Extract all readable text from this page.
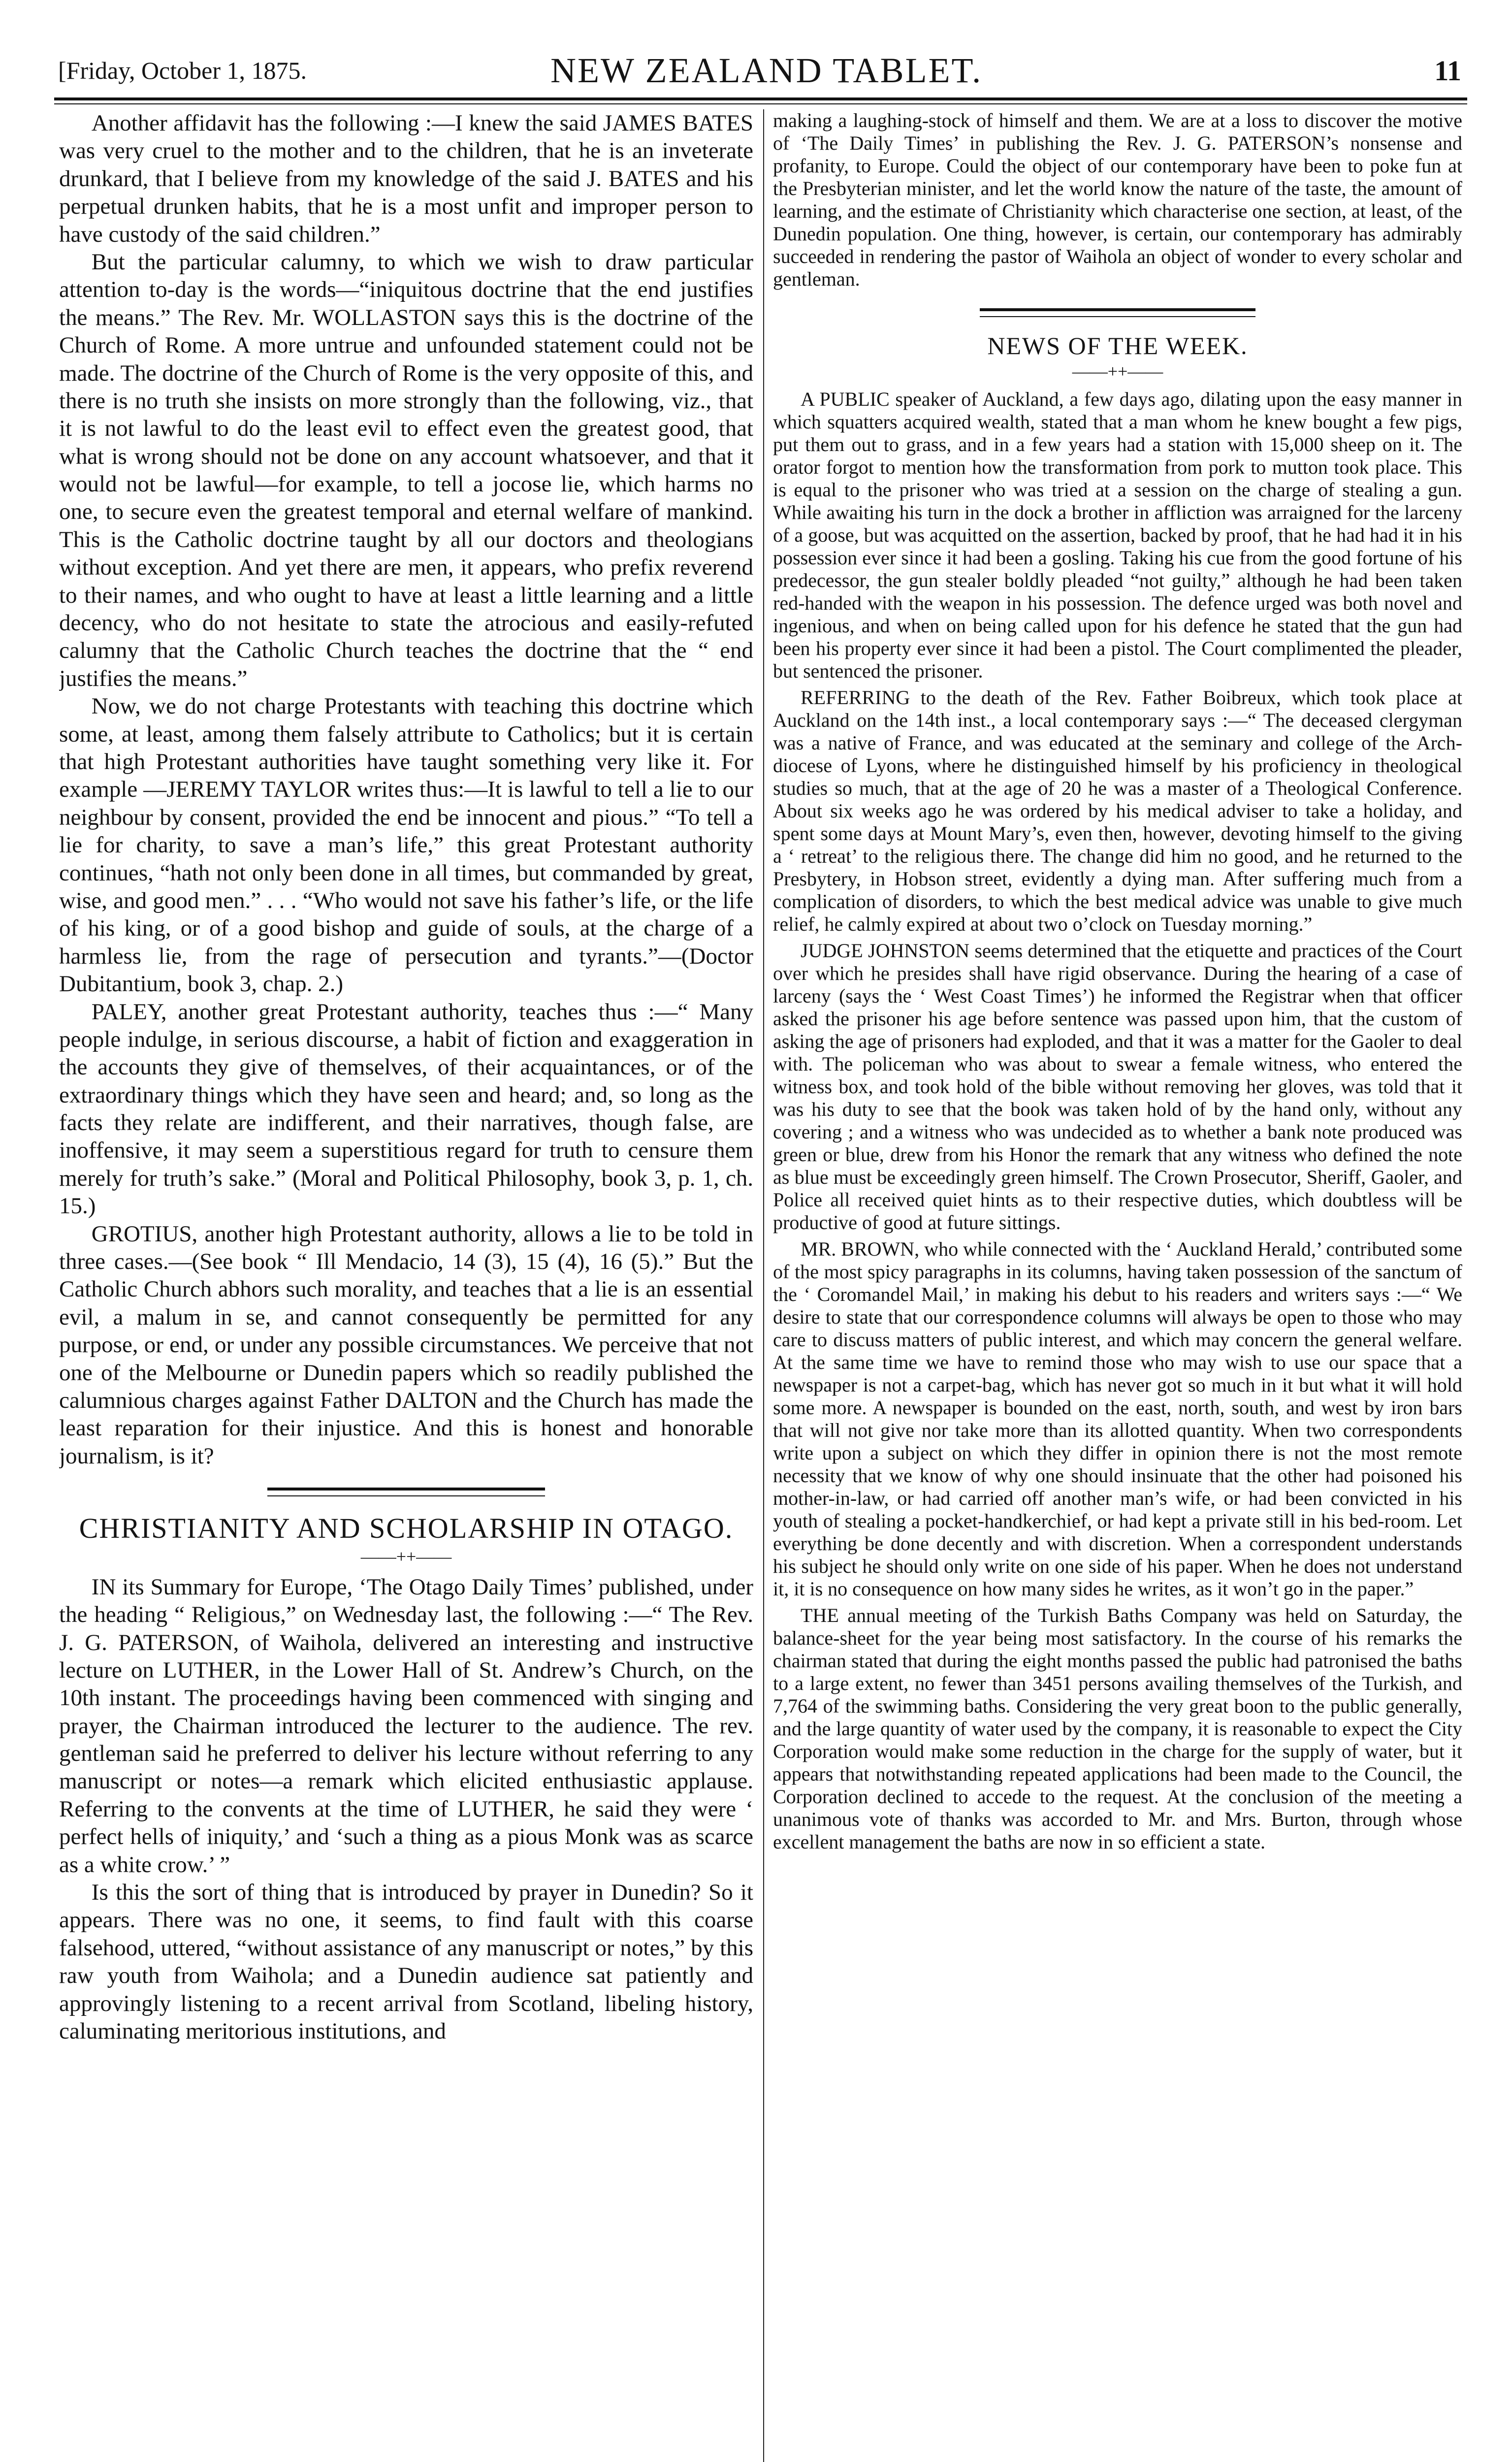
[Friday, October 1, 1875.	NEW ZEALAND TABLET.	11

Another affidavit has the following :—I knew the said JAMES BATES was very cruel to the mother and to the children, that he is an inveterate drunkard, that I believe from my knowledge of the said J. BATES and his perpetual drunken habits, that he is a most unfit and improper person to have custody of the said children.”

But the particular calumny, to which we wish to draw particular attention to-day is the words—“iniquitous doctrine that the end justifies the means.” The Rev. Mr. WOLLASTON says this is the doctrine of the Church of Rome. A more untrue and unfounded statement could not be made. The doctrine of the Church of Rome is the very opposite of this, and there is no truth she insists on more strongly than the following, viz., that it is not lawful to do the least evil to effect even the greatest good, that what is wrong should not be done on any account whatsoever, and that it would not be lawful—for example, to tell a jocose lie, which harms no one, to secure even the greatest temporal and eternal welfare of mankind. This is the Catholic doctrine taught by all our doctors and theologians without exception. And yet there are men, it appears, who prefix reverend to their names, and who ought to have at least a little learning and a little decency, who do not hesitate to state the atrocious and easily-refuted calumny that the Catholic Church teaches the doctrine that the “ end justifies the means.”

Now, we do not charge Protestants with teaching this doctrine which some, at least, among them falsely attribute to Catholics; but it is certain that high Protestant authorities have taught something very like it. For example —JEREMY TAYLOR writes thus:—It is lawful to tell a lie to our neighbour by consent, provided the end be innocent and pious.” “To tell a lie for charity, to save a man’s life,” this great Protestant authority continues, “hath not only been done in all times, but commanded by great, wise, and good men.” . . . “Who would not save his father’s life, or the life of his king, or of a good bishop and guide of souls, at the charge of a harmless lie, from the rage of persecution and tyrants.”—(Doctor Dubitantium, book 3, chap. 2.)

PALEY, another great Protestant authority, teaches thus :—“ Many people indulge, in serious discourse, a habit of fiction and exaggeration in the accounts they give of themselves, of their acquaintances, or of the extraordinary things which they have seen and heard; and, so long as the facts they relate are indifferent, and their narratives, though false, are inoffensive, it may seem a superstitious regard for truth to censure them merely for truth’s sake.” (Moral and Political Philosophy, book 3, p. 1, ch. 15.)

GROTIUS, another high Protestant authority, allows a lie to be told in three cases.—(See book “ Ill Mendacio, 14 (3), 15 (4), 16 (5).” But the Catholic Church abhors such morality, and teaches that a lie is an essential evil, a malum in se, and cannot consequently be permitted for any purpose, or end, or under any possible circumstances. We perceive that not one of the Melbourne or Dunedin papers which so readily published the calumnious charges against Father DALTON and the Church has made the least reparation for their injustice. And this is honest and honorable journalism, is it?

CHRISTIANITY AND SCHOLARSHIP IN OTAGO.
——++——

IN its Summary for Europe, ‘The Otago Daily Times’ published, under the heading “ Religious,” on Wednesday last, the following :—“ The Rev. J. G. PATERSON, of Waihola, delivered an interesting and instructive lecture on LUTHER, in the Lower Hall of St. Andrew’s Church, on the 10th instant. The proceedings having been commenced with singing and prayer, the Chairman introduced the lecturer to the audience. The rev. gentleman said he preferred to deliver his lecture without referring to any manuscript or notes—a remark which elicited enthusiastic applause. Referring to the convents at the time of LUTHER, he said they were ‘ perfect hells of iniquity,’ and ‘such a thing as a pious Monk was as scarce as a white crow.’ ”

Is this the sort of thing that is introduced by prayer in Dunedin? So it appears. There was no one, it seems, to find fault with this coarse falsehood, uttered, “without assistance of any manuscript or notes,” by this raw youth from Waihola; and a Dunedin audience sat patiently and approvingly listening to a recent arrival from Scotland, libeling history, caluminating meritorious institutions, and

making a laughing-stock of himself and them. We are at a loss to discover the motive of ‘The Daily Times’ in publishing the Rev. J. G. PATERSON’s nonsense and profanity, to Europe. Could the object of our contemporary have been to poke fun at the Presbyterian minister, and let the world know the nature of the taste, the amount of learning, and the estimate of Christianity which characterise one section, at least, of the Dunedin population. One thing, however, is certain, our contemporary has admirably succeeded in rendering the pastor of Waihola an object of wonder to every scholar and gentleman.

NEWS OF THE WEEK.
——++——

A PUBLIC speaker of Auckland, a few days ago, dilating upon the easy manner in which squatters acquired wealth, stated that a man whom he knew bought a few pigs, put them out to grass, and in a few years had a station with 15,000 sheep on it. The orator forgot to mention how the transformation from pork to mutton took place. This is equal to the prisoner who was tried at a session on the charge of stealing a gun. While awaiting his turn in the dock a brother in affliction was arraigned for the larceny of a goose, but was acquitted on the assertion, backed by proof, that he had had it in his possession ever since it had been a gosling. Taking his cue from the good fortune of his predecessor, the gun stealer boldly pleaded “not guilty,” although he had been taken red-handed with the weapon in his possession. The defence urged was both novel and ingenious, and when on being called upon for his defence he stated that the gun had been his property ever since it had been a pistol. The Court complimented the pleader, but sentenced the prisoner.

REFERRING to the death of the Rev. Father Boibreux, which took place at Auckland on the 14th inst., a local contemporary says :—“ The deceased clergyman was a native of France, and was educated at the seminary and college of the Arch-diocese of Lyons, where he distinguished himself by his proficiency in theological studies so much, that at the age of 20 he was a master of a Theological Conference. About six weeks ago he was ordered by his medical adviser to take a holiday, and spent some days at Mount Mary’s, even then, however, devoting himself to the giving a ‘ retreat’ to the religious there. The change did him no good, and he returned to the Presbytery, in Hobson street, evidently a dying man. After suffering much from a complication of disorders, to which the best medical advice was unable to give much relief, he calmly expired at about two o’clock on Tuesday morning.”

JUDGE JOHNSTON seems determined that the etiquette and practices of the Court over which he presides shall have rigid observance. During the hearing of a case of larceny (says the ‘ West Coast Times’) he informed the Registrar when that officer asked the prisoner his age before sentence was passed upon him, that the custom of asking the age of prisoners had exploded, and that it was a matter for the Gaoler to deal with. The policeman who was about to swear a female witness, who entered the witness box, and took hold of the bible without removing her gloves, was told that it was his duty to see that the book was taken hold of by the hand only, without any covering ; and a witness who was undecided as to whether a bank note produced was green or blue, drew from his Honor the remark that any witness who defined the note as blue must be exceedingly green himself. The Crown Prosecutor, Sheriff, Gaoler, and Police all received quiet hints as to their respective duties, which doubtless will be productive of good at future sittings.

MR. BROWN, who while connected with the ‘ Auckland Herald,’ contributed some of the most spicy paragraphs in its columns, having taken possession of the sanctum of the ‘ Coromandel Mail,’ in making his debut to his readers and writers says :—“ We desire to state that our correspondence columns will always be open to those who may care to discuss matters of public interest, and which may concern the general welfare. At the same time we have to remind those who may wish to use our space that a newspaper is not a carpet-bag, which has never got so much in it but what it will hold some more. A newspaper is bounded on the east, north, south, and west by iron bars that will not give nor take more than its allotted quantity. When two correspondents write upon a subject on which they differ in opinion there is not the most remote necessity that we know of why one should insinuate that the other had poisoned his mother-in-law, or had carried off another man’s wife, or had been convicted in his youth of stealing a pocket-handkerchief, or had kept a private still in his bed-room. Let everything be done decently and with discretion. When a correspondent understands his subject he should only write on one side of his paper. When he does not understand it, it is no consequence on how many sides he writes, as it won’t go in the paper.”

THE annual meeting of the Turkish Baths Company was held on Saturday, the balance-sheet for the year being most satisfactory. In the course of his remarks the chairman stated that during the eight months passed the public had patronised the baths to a large extent, no fewer than 3451 persons availing themselves of the Turkish, and 7,764 of the swimming baths. Considering the very great boon to the public generally, and the large quantity of water used by the company, it is reasonable to expect the City Corporation would make some reduction in the charge for the supply of water, but it appears that notwithstanding repeated applications had been made to the Council, the Corporation declined to accede to the request. At the conclusion of the meeting a unanimous vote of thanks was accorded to Mr. and Mrs. Burton, through whose excellent management the baths are now in so efficient a state.
